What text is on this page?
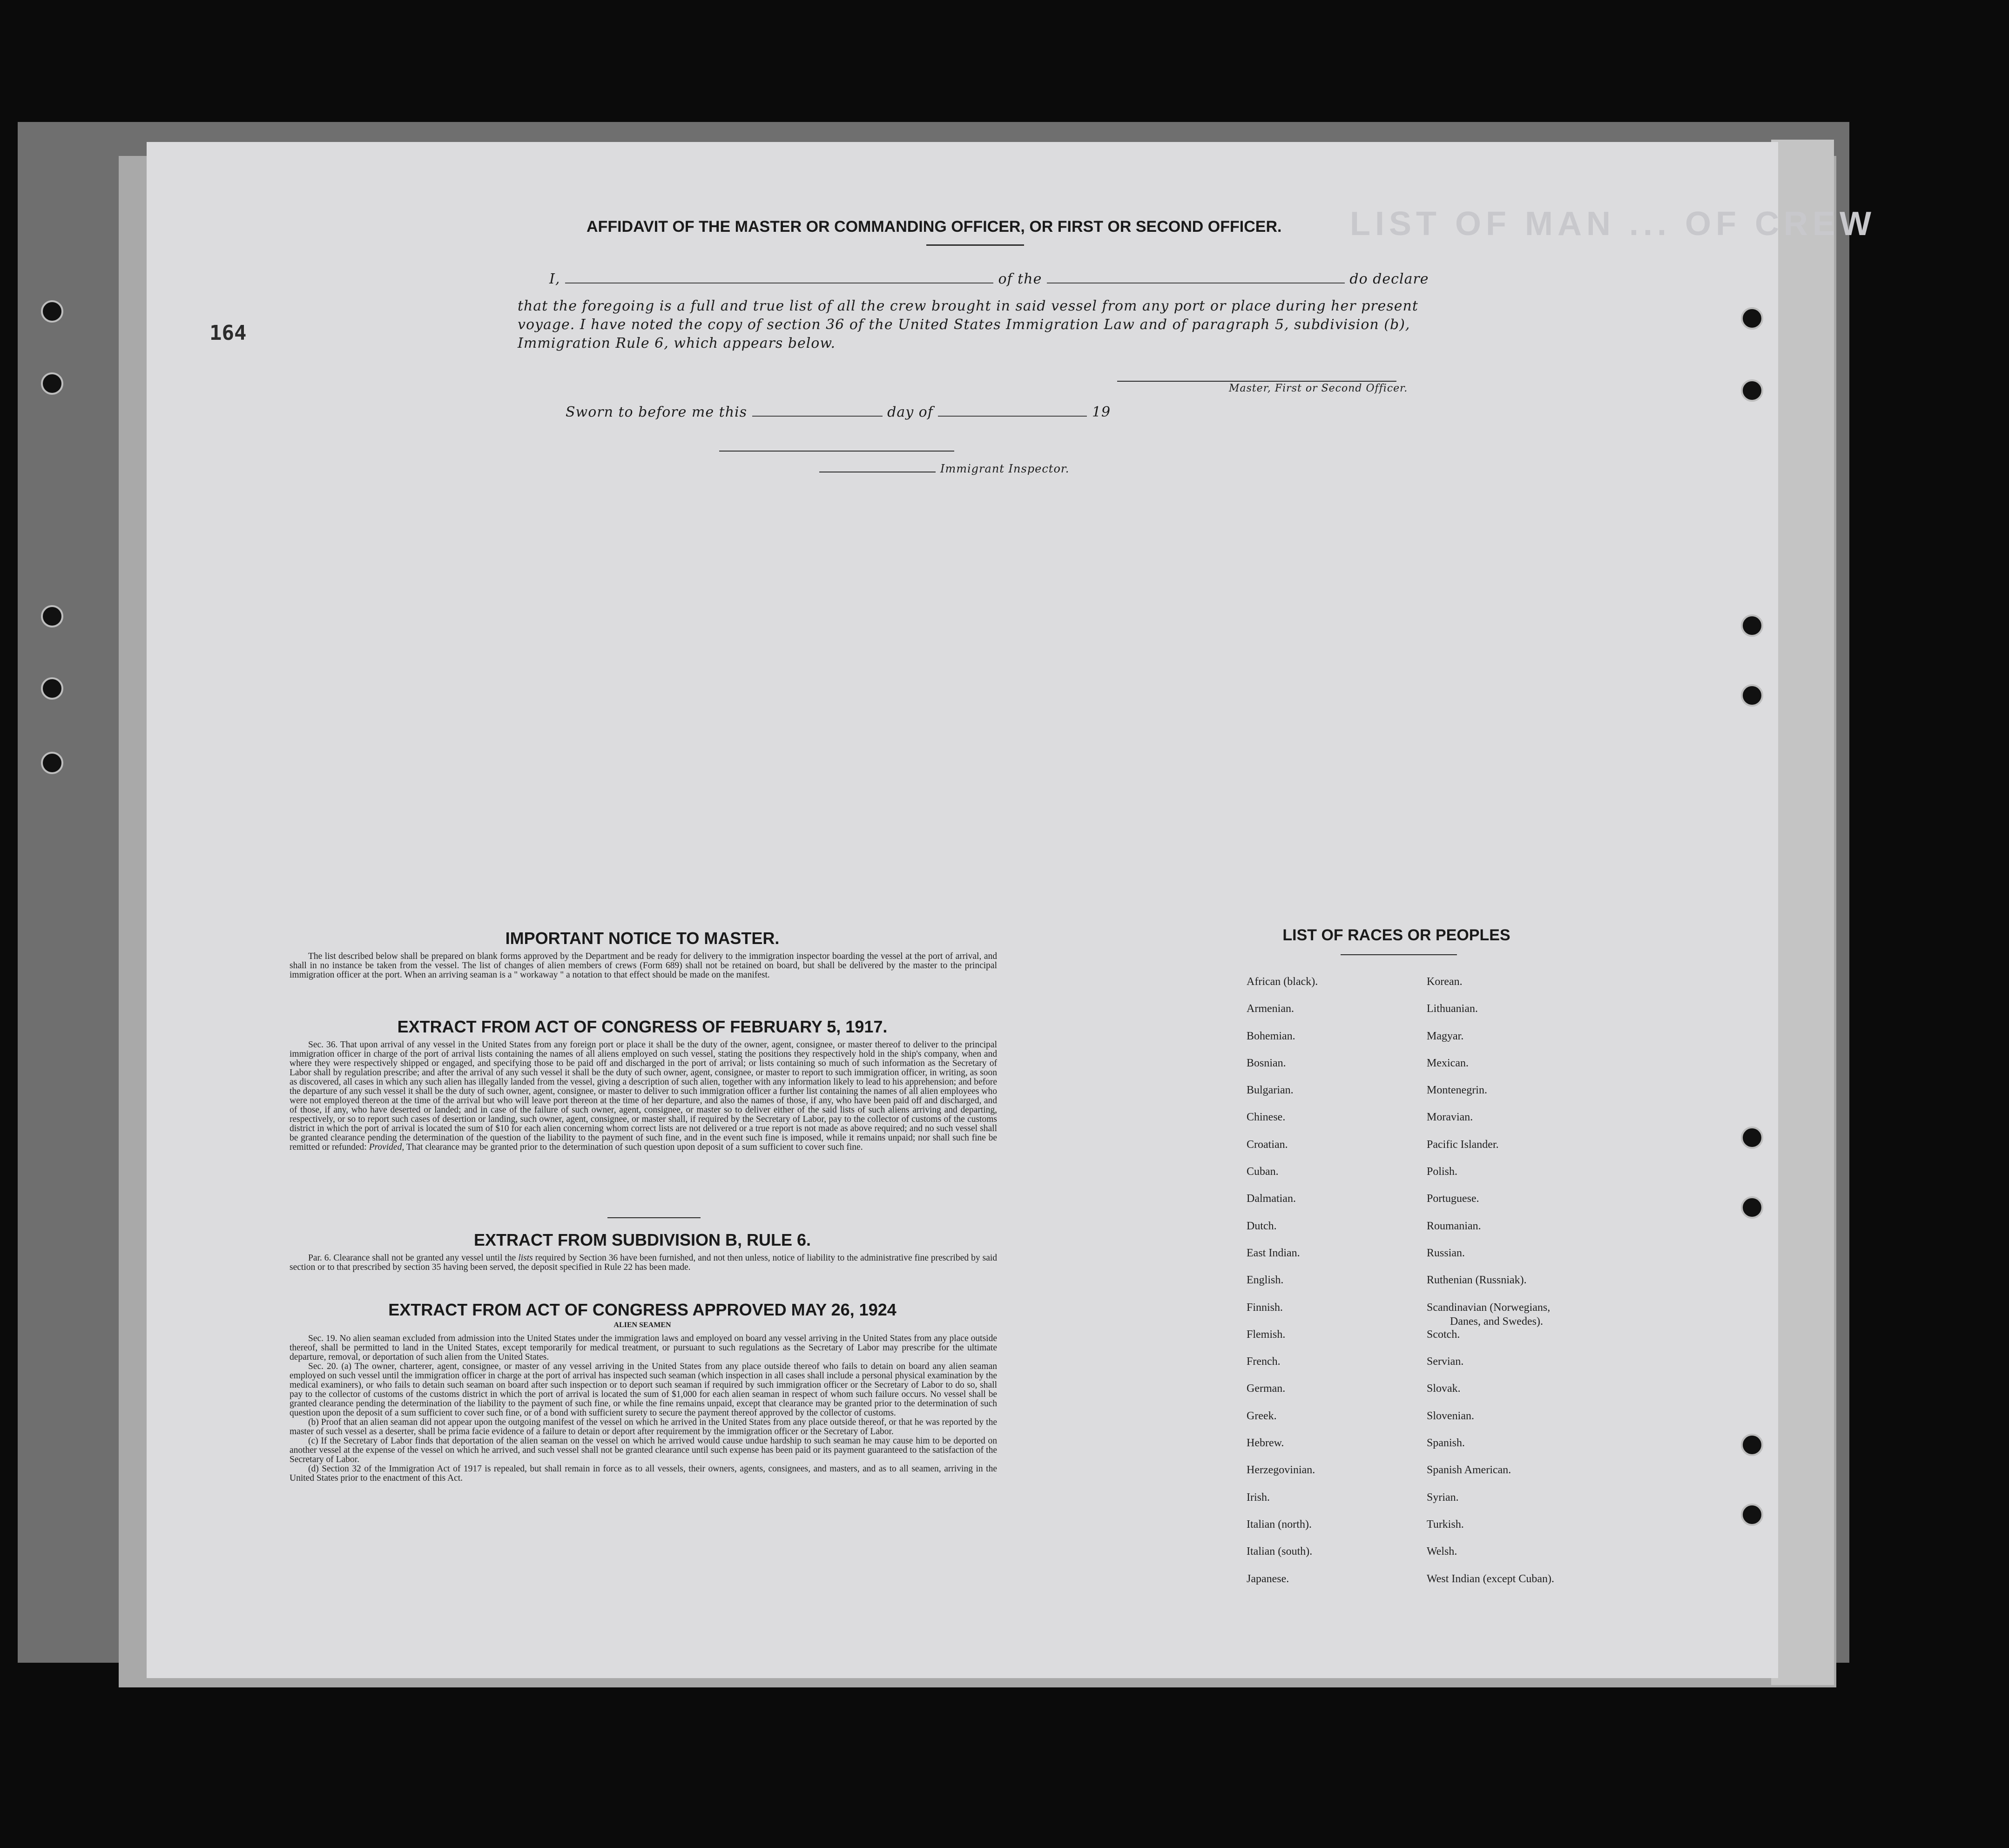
LIST OF MAN ... OF CREW
164
AFFIDAVIT OF THE MASTER OR COMMANDING OFFICER, OR FIRST OR SECOND OFFICER.
I,	of the	do declare
that the foregoing is a full and true list of all the crew brought in said vessel from any port or place during her present
voyage. I have noted the copy of section 36 of the United States Immigration Law and of paragraph 5, subdivision (b),
Immigration Rule 6, which appears below.
Master, First or Second Officer.
Sworn to before me this	day of	19
Immigrant Inspector.
IMPORTANT NOTICE TO MASTER.

The list described below shall be prepared on blank forms approved by the Department and be ready for delivery to the immigration inspector boarding the vessel at the port of arrival, and shall in no instance be taken from the vessel. The list of changes of alien members of crews (Form 689) shall not be retained on board, but shall be delivered by the master to the principal immigration officer at the port. When an arriving seaman is a " workaway " a notation to that effect should be made on the manifest.

EXTRACT FROM ACT OF CONGRESS OF FEBRUARY 5, 1917.

Sec. 36. That upon arrival of any vessel in the United States from any foreign port or place it shall be the duty of the owner, agent, consignee, or master thereof to deliver to the principal immigration officer in charge of the port of arrival lists containing the names of all aliens employed on such vessel, stating the positions they respectively hold in the ship's company, when and where they were respectively shipped or engaged, and specifying those to be paid off and discharged in the port of arrival; or lists containing so much of such information as the Secretary of Labor shall by regulation prescribe; and after the arrival of any such vessel it shall be the duty of such owner, agent, consignee, or master to report to such immigration officer, in writing, as soon as discovered, all cases in which any such alien has illegally landed from the vessel, giving a description of such alien, together with any information likely to lead to his apprehension; and before the departure of any such vessel it shall be the duty of such owner, agent, consignee, or master to deliver to such immigration officer a further list containing the names of all alien employees who were not employed thereon at the time of the arrival but who will leave port thereon at the time of her departure, and also the names of those, if any, who have been paid off and discharged, and of those, if any, who have deserted or landed; and in case of the failure of such owner, agent, consignee, or master so to deliver either of the said lists of such aliens arriving and departing, respectively, or so to report such cases of desertion or landing, such owner, agent, consignee, or master shall, if required by the Secretary of Labor, pay to the collector of customs of the customs district in which the port of arrival is located the sum of $10 for each alien concerning whom correct lists are not delivered or a true report is not made as above required; and no such vessel shall be granted clearance pending the determination of the question of the liability to the payment of such fine, and in the event such fine is imposed, while it remains unpaid; nor shall such fine be remitted or refunded: Provided, That clearance may be granted prior to the determination of such question upon deposit of a sum sufficient to cover such fine.

EXTRACT FROM SUBDIVISION B, RULE 6.

Par. 6. Clearance shall not be granted any vessel until the lists required by Section 36 have been furnished, and not then unless, notice of liability to the administrative fine prescribed by said section or to that prescribed by section 35 having been served, the deposit specified in Rule 22 has been made.

EXTRACT FROM ACT OF CONGRESS APPROVED MAY 26, 1924
ALIEN SEAMEN

Sec. 19. No alien seaman excluded from admission into the United States under the immigration laws and employed on board any vessel arriving in the United States from any place outside thereof, shall be permitted to land in the United States, except temporarily for medical treatment, or pursuant to such regulations as the Secretary of Labor may prescribe for the ultimate departure, removal, or deportation of such alien from the United States.

Sec. 20. (a) The owner, charterer, agent, consignee, or master of any vessel arriving in the United States from any place outside thereof who fails to detain on board any alien seaman employed on such vessel until the immigration officer in charge at the port of arrival has inspected such seaman (which inspection in all cases shall include a personal physical examination by the medical examiners), or who fails to detain such seaman on board after such inspection or to deport such seaman if required by such immigration officer or the Secretary of Labor to do so, shall pay to the collector of customs of the customs district in which the port of arrival is located the sum of $1,000 for each alien seaman in respect of whom such failure occurs. No vessel shall be granted clearance pending the determination of the liability to the payment of such fine, or while the fine remains unpaid, except that clearance may be granted prior to the determination of such question upon the deposit of a sum sufficient to cover such fine, or of a bond with sufficient surety to secure the payment thereof approved by the collector of customs.

(b) Proof that an alien seaman did not appear upon the outgoing manifest of the vessel on which he arrived in the United States from any place outside thereof, or that he was reported by the master of such vessel as a deserter, shall be prima facie evidence of a failure to detain or deport after requirement by the immigration officer or the Secretary of Labor.

(c) If the Secretary of Labor finds that deportation of the alien seaman on the vessel on which he arrived would cause undue hardship to such seaman he may cause him to be deported on another vessel at the expense of the vessel on which he arrived, and such vessel shall not be granted clearance until such expense has been paid or its payment guaranteed to the satisfaction of the Secretary of Labor.

(d) Section 32 of the Immigration Act of 1917 is repealed, but shall remain in force as to all vessels, their owners, agents, consignees, and masters, and as to all seamen, arriving in the United States prior to the enactment of this Act.

LIST OF RACES OR PEOPLES
African (black).
Armenian.
Bohemian.
Bosnian.
Bulgarian.
Chinese.
Croatian.
Cuban.
Dalmatian.
Dutch.
East Indian.
English.
Finnish.
Flemish.
French.
German.
Greek.
Hebrew.
Herzegovinian.
Irish.
Italian (north).
Italian (south).
Japanese.
Korean.
Lithuanian.
Magyar.
Mexican.
Montenegrin.
Moravian.
Pacific Islander.
Polish.
Portuguese.
Roumanian.
Russian.
Ruthenian (Russniak).
Scandinavian (Norwegians,
Danes, and Swedes).
Scotch.
Servian.
Slovak.
Slovenian.
Spanish.
Spanish American.
Syrian.
Turkish.
Welsh.
West Indian (except Cuban).
